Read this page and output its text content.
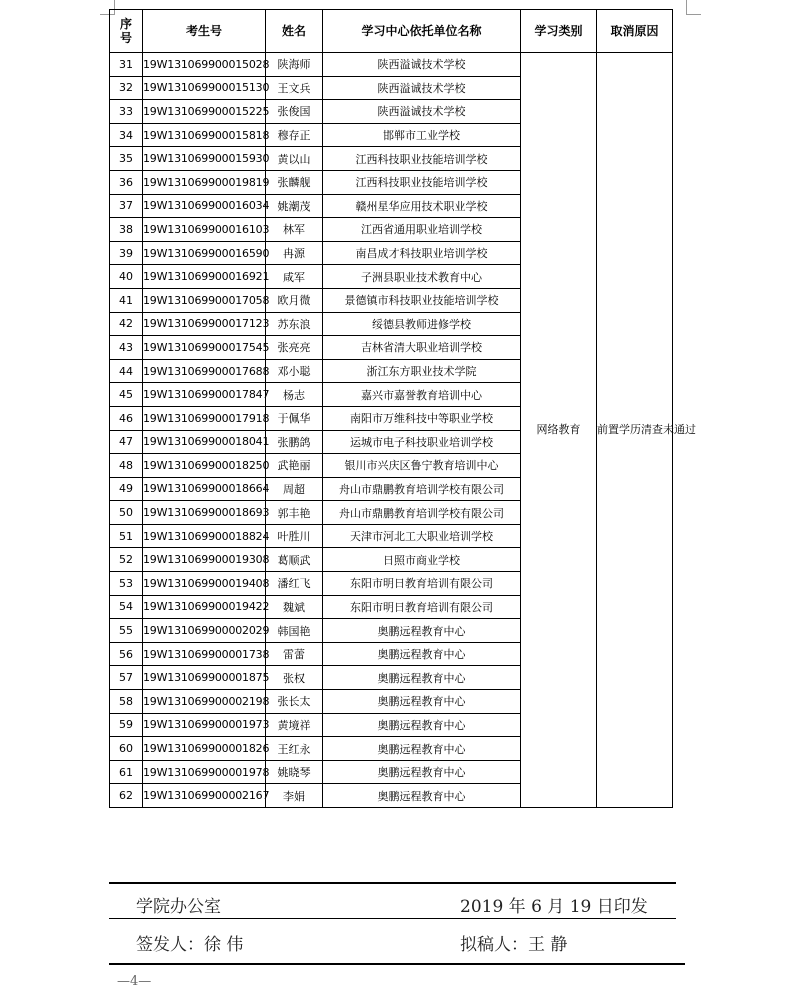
序
号	考生号	姓名	学习中心依托单位名称	学习类别	取消原因
31	19W131069900015028	陕海师	陕西溢诚技术学校	网络教育	前置学历清查未通过
32	19W131069900015130	王文兵	陕西溢诚技术学校		
33	19W131069900015225	张俊国	陕西溢诚技术学校		
34	19W131069900015818	穆存正	邯郸市工业学校		
35	19W131069900015930	黄以山	江西科技职业技能培训学校		
36	19W131069900019819	张麟舰	江西科技职业技能培训学校		
37	19W131069900016034	姚潮茂	赣州星华应用技术职业学校		
38	19W131069900016103	林军	江西省通用职业培训学校		
39	19W131069900016590	冉源	南昌成才科技职业培训学校		
40	19W131069900016921	咸军	子洲县职业技术教育中心		
41	19W131069900017058	欧月微	景德镇市科技职业技能培训学校		
42	19W131069900017123	苏东浪	绥德县教师进修学校		
43	19W131069900017545	张亮亮	吉林省清大职业培训学校		
44	19W131069900017688	邓小聪	浙江东方职业技术学院		
45	19W131069900017847	杨志	嘉兴市嘉誉教育培训中心		
46	19W131069900017918	于佩华	南阳市万维科技中等职业学校		
47	19W131069900018041	张鹏鸽	运城市电子科技职业培训学校		
48	19W131069900018250	武艳丽	银川市兴庆区鲁宁教育培训中心		
49	19W131069900018664	周超	舟山市鼎鹏教育培训学校有限公司		
50	19W131069900018693	郭丰艳	舟山市鼎鹏教育培训学校有限公司		
51	19W131069900018824	叶胜川	天津市河北工大职业培训学校		
52	19W131069900019308	葛顺武	日照市商业学校		
53	19W131069900019408	潘红飞	东阳市明日教育培训有限公司		
54	19W131069900019422	魏斌	东阳市明日教育培训有限公司		
55	19W131069900002029	韩国艳	奥鹏远程教育中心		
56	19W131069900001738	雷蕾	奥鹏远程教育中心		
57	19W131069900001875	张权	奥鹏远程教育中心		
58	19W131069900002198	张长太	奥鹏远程教育中心		
59	19W131069900001973	黄境祥	奥鹏远程教育中心		
60	19W131069900001826	王红永	奥鹏远程教育中心		
61	19W131069900001978	姚晓琴	奥鹏远程教育中心		
62	19W131069900002167	李娟	奥鹏远程教育中心		
学院办公室	2019 年 6 月 19 日印发
签发人：徐 伟	拟稿人：王 静
—4—
